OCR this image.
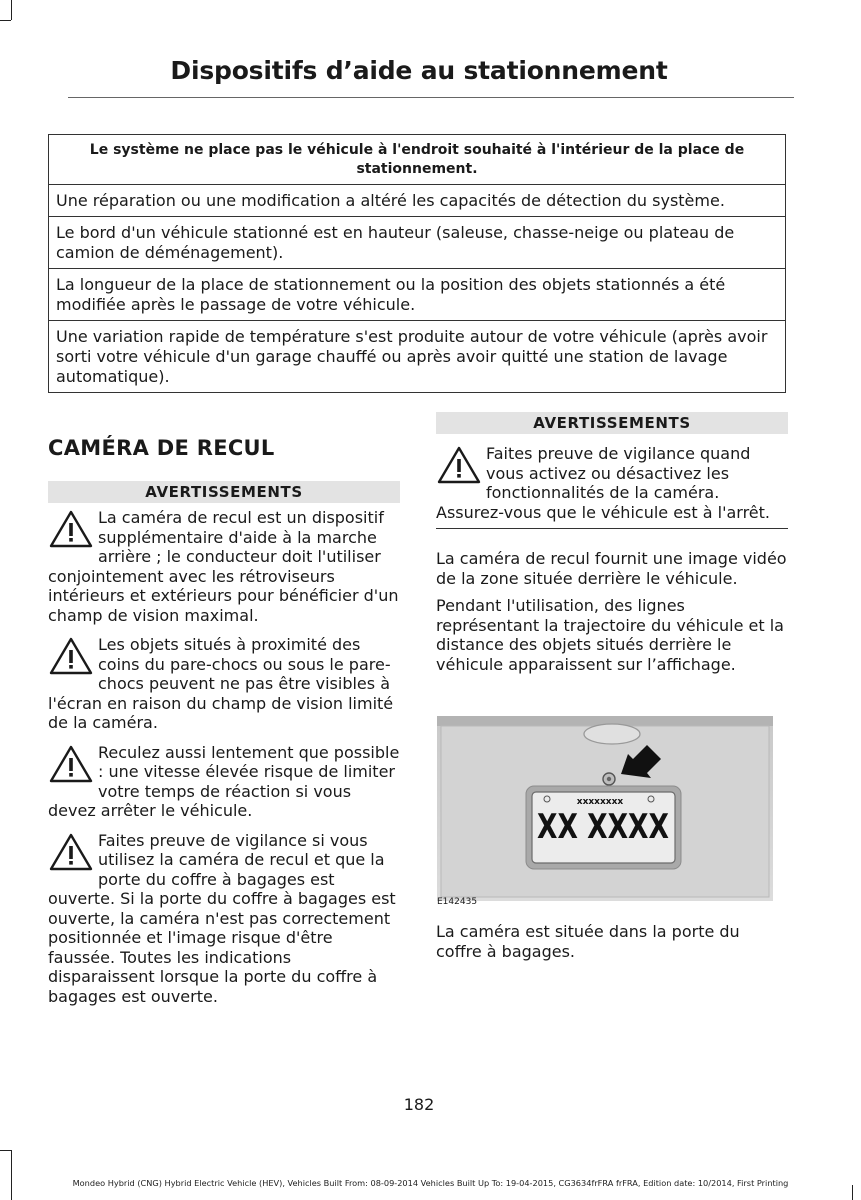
Dispositifs d’aide au stationnement
Le système ne place pas le véhicule à l'endroit souhaité à l'intérieur de la place de stationnement.
Une réparation ou une modification a altéré les capacités de détection du système.
Le bord d'un véhicule stationné est en hauteur (saleuse, chasse-neige ou plateau de camion de déménagement).
La longueur de la place de stationnement ou la position des objets stationnés a été modifiée après le passage de votre véhicule.
Une variation rapide de température s'est produite autour de votre véhicule (après avoir sorti votre véhicule d'un garage chauffé ou après avoir quitté une station de lavage automatique).
CAMÉRA DE RECUL
AVERTISSEMENTS

La caméra de recul est un dispositif supplémentaire d'aide à la marche arrière ; le conducteur doit l'utiliser conjointement avec les rétroviseurs intérieurs et extérieurs pour bénéficier d'un champ de vision maximal.

Les objets situés à proximité des coins du pare-chocs ou sous le pare-chocs peuvent ne pas être visibles à l'écran en raison du champ de vision limité de la caméra.

Reculez aussi lentement que possible : une vitesse élevée risque de limiter votre temps de réaction si vous devez arrêter le véhicule.

Faites preuve de vigilance si vous utilisez la caméra de recul et que la porte du coffre à bagages est ouverte. Si la porte du coffre à bagages est ouverte, la caméra n'est pas correctement positionnée et l'image risque d'être faussée. Toutes les indications disparaissent lorsque la porte du coffre à bagages est ouverte.

AVERTISSEMENTS

Faites preuve de vigilance quand vous activez ou désactivez les fonctionnalités de la caméra. Assurez-vous que le véhicule est à l'arrêt.

La caméra de recul fournit une image vidéo de la zone située derrière le véhicule.

Pendant l'utilisation, des lignes représentant la trajectoire du véhicule et la distance des objets situés derrière le véhicule apparaissent sur l’affichage.

xxxxxxxx
XX XXXX
E142435

La caméra est située dans la porte du coffre à bagages.

182
Mondeo Hybrid (CNG) Hybrid Electric Vehicle (HEV), Vehicles Built From: 08-09-2014 Vehicles Built Up To: 19-04-2015, CG3634frFRA frFRA, Edition date: 10/2014, First Printing
